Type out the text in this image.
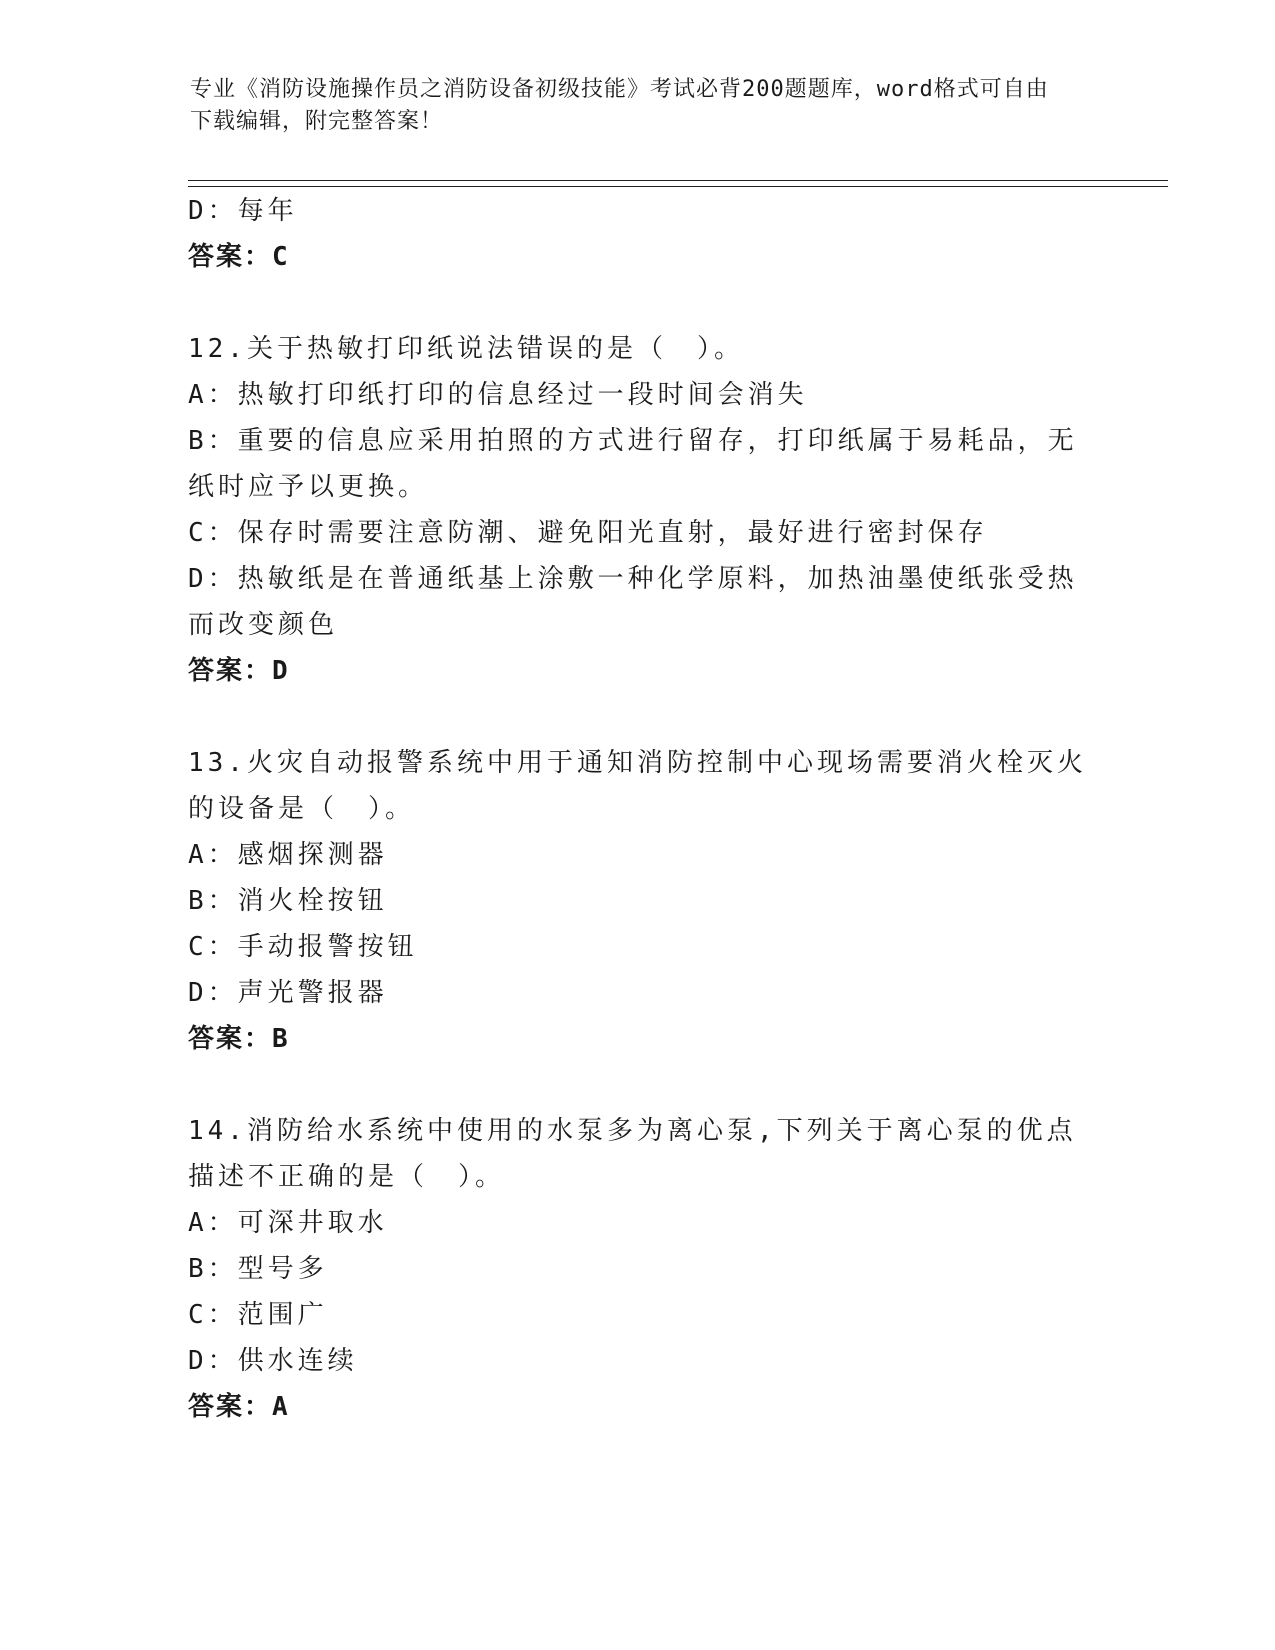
专业《消防设施操作员之消防设备初级技能》考试必背200题题库，word格式可自由下载编辑，附完整答案！
D：每年
答案：C
12.关于热敏打印纸说法错误的是（　）。
A：热敏打印纸打印的信息经过一段时间会消失
B：重要的信息应采用拍照的方式进行留存，打印纸属于易耗品，无纸时应予以更换。
C：保存时需要注意防潮、避免阳光直射，最好进行密封保存
D：热敏纸是在普通纸基上涂敷一种化学原料，加热油墨使纸张受热而改变颜色
答案：D
13.火灾自动报警系统中用于通知消防控制中心现场需要消火栓灭火的设备是（　）。
A：感烟探测器
B：消火栓按钮
C：手动报警按钮
D：声光警报器
答案：B
14.消防给水系统中使用的水泵多为离心泵,下列关于离心泵的优点描述不正确的是（　）。
A：可深井取水
B：型号多
C：范围广
D：供水连续
答案：A
